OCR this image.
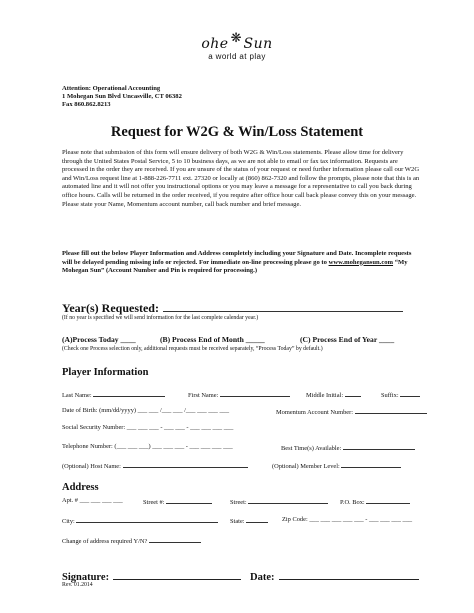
ohe ❋ Sun
a world at play
Attention: Operational Accounting
1 Mohegan Sun Blvd Uncasville, CT 06382
Fax 860.862.8213
Request for W2G & Win/Loss Statement
Please note that submission of this form will ensure delivery of both W2G & Win/Loss statements. Please allow time for delivery through the United States Postal Service, 5 to 10 business days, as we are not able to email or fax tax information. Requests are processed in the order they are received. If you are unsure of the status of your request or need further information please call our W2G and Win/Loss request line at 1-888-226-7711 ext. 27320 or locally at (860) 862-7320 and follow the prompts, please note that this is an automated line and it will not offer you instructional options or you may leave a message for a representative to call you back during office hours. Calls will be returned in the order received, if you require after office hour call back please convey this on your message. Please state your Name, Momentum account number, call back number and brief message.
Please fill out the below Player Information and Address completely including your Signature and Date. Incomplete requests will be delayed pending missing info or rejected. For immediate on-line processing please go to www.mohegansun.com “My Mohegan Sun” (Account Number and Pin is required for processing.)
Year(s) Requested:
(If no year is specified we will send information for the last complete calendar year.)
(A)Process Today ____	(B) Process End of Month _____	(C) Process End of Year ____
(Check one Process selection only, additional requests must be received separately, “Process Today” by default.)
Player Information
Last Name:	First Name:	Middle Initial:	Suffix:
Date of Birth: (mm/dd/yyyy) ___ ___ /___ ___ /___ ___ ___ ___	Momentum Account Number:
Social Security Number: ___ ___ ___ - ___ ___ - ___ ___ ___ ___
Telephone Number: (___ ___ ___) ___ ___ ___ - ___ ___ ___ ___	Best Time(s) Available:
(Optional) Host Name:	(Optional) Member Level:
Address
Apt. # ___ ___ ___ ___	Street #:	Street:	P.O. Box:
City:	State:	Zip Code: ___ ___ ___ ___ ___ - ___ ___ ___ ___
Change of address required Y/N?
Signature:	Date:
Rev. 01.2014
